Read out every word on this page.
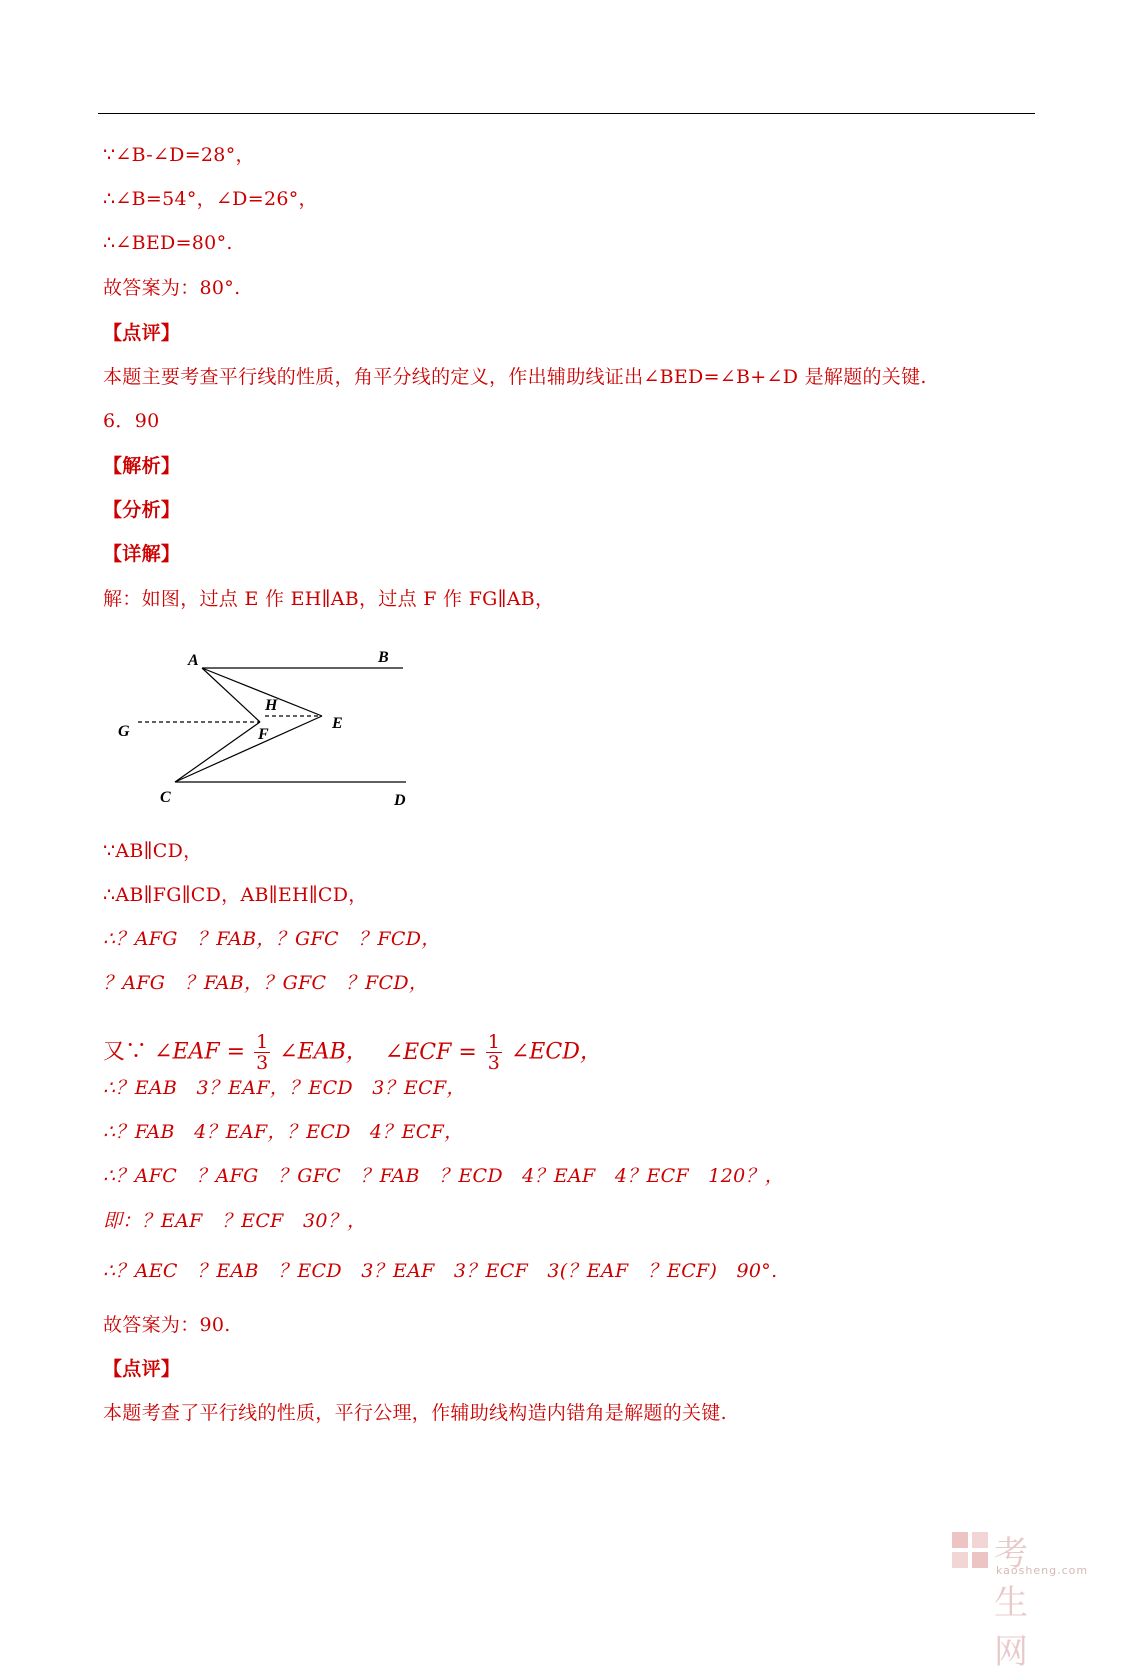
∵∠B-∠D=28°，
∴∠B=54°，∠D=26°，
∴∠BED=80°.
故答案为：80°.
【点评】
本题主要考查平行线的性质，角平分线的定义，作出辅助线证出∠BED=∠B+∠D 是解题的关键.
6．90
【解析】
【分析】
【详解】
解：如图，过点 E 作 EH∥AB，过点 F 作 FG∥AB，
A	B
C	D
E
F
G
H
∵AB∥CD，
∴AB∥FG∥CD，AB∥EH∥CD，
∴？AFG　？FAB，？GFC　？FCD，
？AFG　？FAB，？GFC　？FCD，
又∵ ∠EAF = $\frac{1}{3}$ ∠EAB， ∠ECF = $\frac{1}{3}$ ∠ECD，
∴？EAB　3？EAF，？ECD　3？ECF，
∴？FAB　4？EAF，？ECD　4？ECF，
∴？AFC　？AFG　？GFC　？FAB　？ECD　4？EAF　4？ECF　120？，
即：？EAF　？ECF　30？，
∴？AEC　？EAB　？ECD　3？EAF　3？ECF　3(？EAF　？ECF)　90°.
故答案为：90.
【点评】
本题考查了平行线的性质，平行公理，作辅助线构造内错角是解题的关键.
考生网
kaosheng.com
